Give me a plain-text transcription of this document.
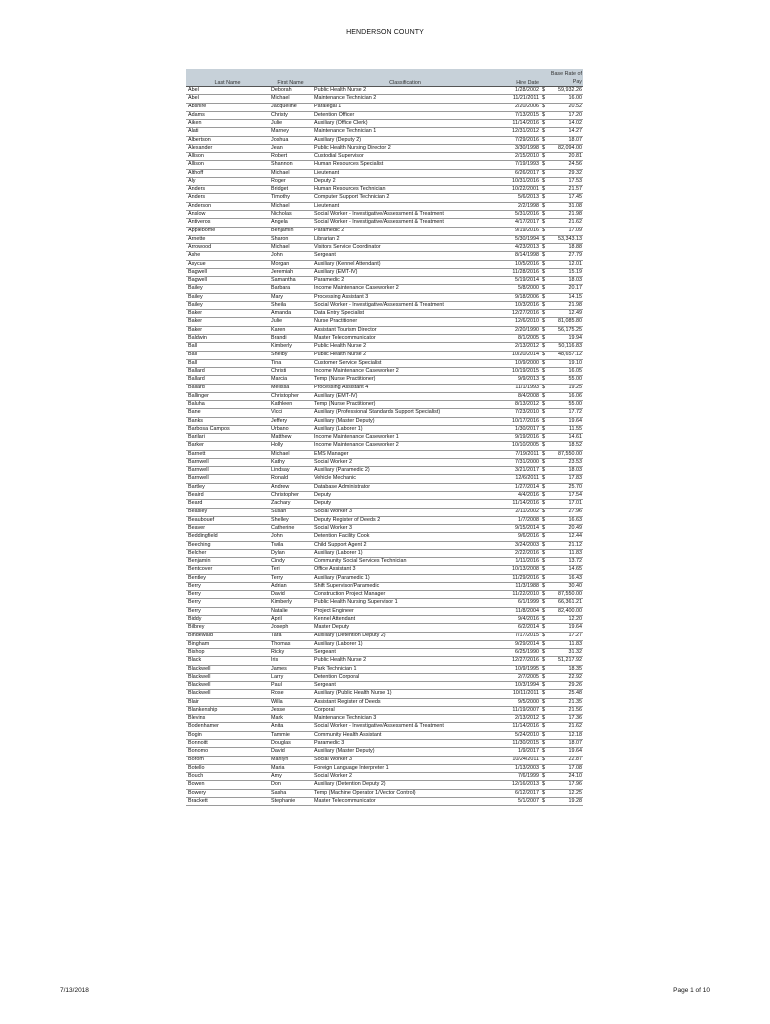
HENDERSON COUNTY
Last Name	First Name	Classification	Hire Date	Base Rate of
Pay	
Abel	Deborah	Public Health Nurse 2	1/28/2002	$	59,932.26
Abel	Michael	Maintenance Technician 2	11/21/2011	$	16.00
Abshire	Jacqueline	Paralegal 1	2/20/2006	$	20.52
Adams	Christy	Detention Officer	7/13/2015	$	17.20
Aiken	Julie	Auxiliary (Office Clerk)	11/14/2016	$	14.02
Alati	Marney	Maintenance Technician 1	12/31/2012	$	14.27
Albertson	Joshua	Auxiliary (Deputy 2)	7/29/2016	$	18.07
Alexander	Jean	Public Health Nursing Director 2	3/30/1998	$	82,094.00
Allison	Robert	Custodial Supervisor	2/15/2010	$	20.81
Allison	Shannon	Human Resources Specialist	7/19/1993	$	24.56
Althoff	Michael	Lieutenant	6/26/2017	$	29.32
Aly	Roger	Deputy 2	10/31/2016	$	17.53
Anders	Bridget	Human Resources Technician	10/22/2001	$	21.57
Anders	Timothy	Computer Support Technician 2	5/6/2013	$	17.45
Anderson	Michael	Lieutenant	2/2/1998	$	31.08
Anslow	Nicholas	Social Worker - Investigative/Assessment & Treatment	5/31/2016	$	21.98
Antiveros	Angela	Social Worker - Investigative/Assessment & Treatment	4/17/2017	$	21.62
Applebome	Benjamin	Paramedic 2	9/19/2016	$	17.09
Arnette	Sharon	Librarian 2	5/30/1994	$	53,343.13
Arrowood	Michael	Visitors Service Coordinator	4/23/2013	$	18.88
Ashe	John	Sergeant	8/14/1998	$	27.79
Asycue	Morgan	Auxiliary (Kennel Attendant)	10/5/2016	$	12.01
Bagwell	Jeremiah	Auxiliary (EMT-IV)	11/28/2016	$	15.19
Bagwell	Samantha	Paramedic 2	5/19/2014	$	18.03
Bailey	Barbara	Income Maintenance Caseworker 2	5/8/2000	$	20.17
Bailey	Mary	Processing Assistant 3	9/18/2006	$	14.15
Bailey	Sheila	Social Worker - Investigative/Assessment & Treatment	10/3/2016	$	21.98
Baker	Amanda	Data Entry Specialist	12/27/2016	$	12.49
Baker	Julie	Nurse Practitioner	12/6/2010	$	81,085.80
Baker	Karen	Assistant Tourism Director	2/20/1990	$	56,175.25
Baldwin	Brandi	Master Telecommunicator	8/1/2005	$	19.94
Ball	Kimberly	Public Health Nurse 2	2/13/2012	$	50,116.83
Ball	Shelby	Public Health Nurse 2	10/20/2014	$	48,657.12
Ball	Tina	Customer Service Specialist	10/9/2000	$	19.10
Ballard	Christi	Income Maintenance Caseworker 2	10/19/2015	$	16.05
Ballard	Marcia	Temp (Nurse Practitioner)	9/9/2013	$	55.00
Ballard	Melissa	Processing Assistant 4	11/1/1993	$	19.25
Ballinger	Christopher	Auxiliary (EMT-IV)	8/4/2008	$	16.06
Baluha	Kathleen	Temp (Nurse Practitioner)	8/13/2012	$	55.00
Bane	Vicci	Auxiliary (Professional Standards Support Specialist)	7/23/2010	$	17.72
Banks	Jeffery	Auxiliary (Master Deputy)	10/17/2016	$	19.64
Barbosa Campos	Urbano	Auxiliary (Laborer 1)	1/30/2017	$	11.55
Barilari	Matthew	Income Maintenance Caseworker 1	9/19/2016	$	14.61
Barker	Holly	Income Maintenance Caseworker 2	10/10/2005	$	18.52
Barnett	Michael	EMS Manager	7/19/2011	$	87,550.00
Barnwell	Kathy	Social Worker 2	7/31/2000	$	23.53
Barnwell	Lindsay	Auxiliary (Paramedic 2)	3/21/2017	$	18.03
Barnwell	Ronald	Vehicle Mechanic	12/6/2011	$	17.83
Bartley	Andrew	Database Administrator	1/27/2014	$	25.70
Beaird	Christopher	Deputy	4/4/2016	$	17.54
Beard	Zachary	Deputy	11/14/2016	$	17.01
Beasley	Susan	Social Worker 3	2/11/2002	$	27.96
Beaubouef	Shelley	Deputy Register of Deeds 2	1/7/2008	$	16.63
Beaver	Catherine	Social Worker 3	9/15/2014	$	20.49
Beddingfield	John	Detention Facility Cook	9/6/2016	$	12.44
Beeching	Twila	Child Support Agent 2	3/24/2003	$	21.12
Belcher	Dylan	Auxiliary (Laborer 1)	2/22/2016	$	11.83
Benjamin	Cindy	Community Social Services Technician	1/11/2016	$	13.72
Bentcover	Teri	Office Assistant 3	10/13/2008	$	14.65
Bentley	Terry	Auxiliary (Paramedic 1)	11/29/2016	$	16.43
Berry	Adrian	Shift Supervisor/Paramedic	11/3/1988	$	30.40
Berry	David	Construction Project Manager	11/22/2010	$	87,550.00
Berry	Kimberly	Public Health Nursing Supervisor 1	6/1/1999	$	66,361.21
Berry	Natalie	Project Engineer	11/8/2004	$	82,400.00
Biddy	April	Kennel Attendant	9/4/2016	$	12.20
Bilbrey	Joseph	Master Deputy	6/2/2014	$	19.64
Bindewald	Tara	Auxiliary (Detention Deputy 2)	7/17/2015	$	17.27
Bingham	Thomas	Auxiliary (Laborer 1)	9/29/2014	$	11.83
Bishop	Ricky	Sergeant	6/25/1990	$	31.32
Black	Iris	Public Health Nurse 2	12/27/2016	$	51,217.92
Blackwell	James	Park Technician 1	10/9/1995	$	18.35
Blackwell	Larry	Detention Corporal	2/7/2005	$	22.92
Blackwell	Paul	Sergeant	10/3/1994	$	29.26
Blackwell	Rose	Auxiliary (Public Health Nurse 1)	10/11/2011	$	25.48
Blair	Willa	Assistant Register of Deeds	9/5/2000	$	21.35
Blankenship	Jesse	Corporal	11/19/2007	$	21.56
Blevins	Mark	Maintenance Technician 3	2/13/2012	$	17.36
Bodenhamer	Anita	Social Worker - Investigative/Assessment & Treatment	11/14/2016	$	21.62
Bogin	Tammie	Community Health Assistant	5/24/2010	$	12.18
Bonnoitt	Douglas	Paramedic 3	11/30/2015	$	18.07
Bonomo	David	Auxiliary (Master Deputy)	1/9/2017	$	19.64
Borom	Marilyn	Social Worker 3	10/24/2011	$	22.87
Botello	Maria	Foreign Language Interpreter 1	1/13/2003	$	17.08
Bouch	Amy	Social Worker 2	7/6/1999	$	24.10
Bowen	Don	Auxiliary (Detention Deputy 2)	12/16/2013	$	17.96
Bowery	Sasha	Temp (Machine Operator 1/Vector Control)	6/12/2017	$	12.25
Brackett	Stephanie	Master Telecommunicator	5/1/2007	$	19.28
7/13/2018	Page 1 of 10
